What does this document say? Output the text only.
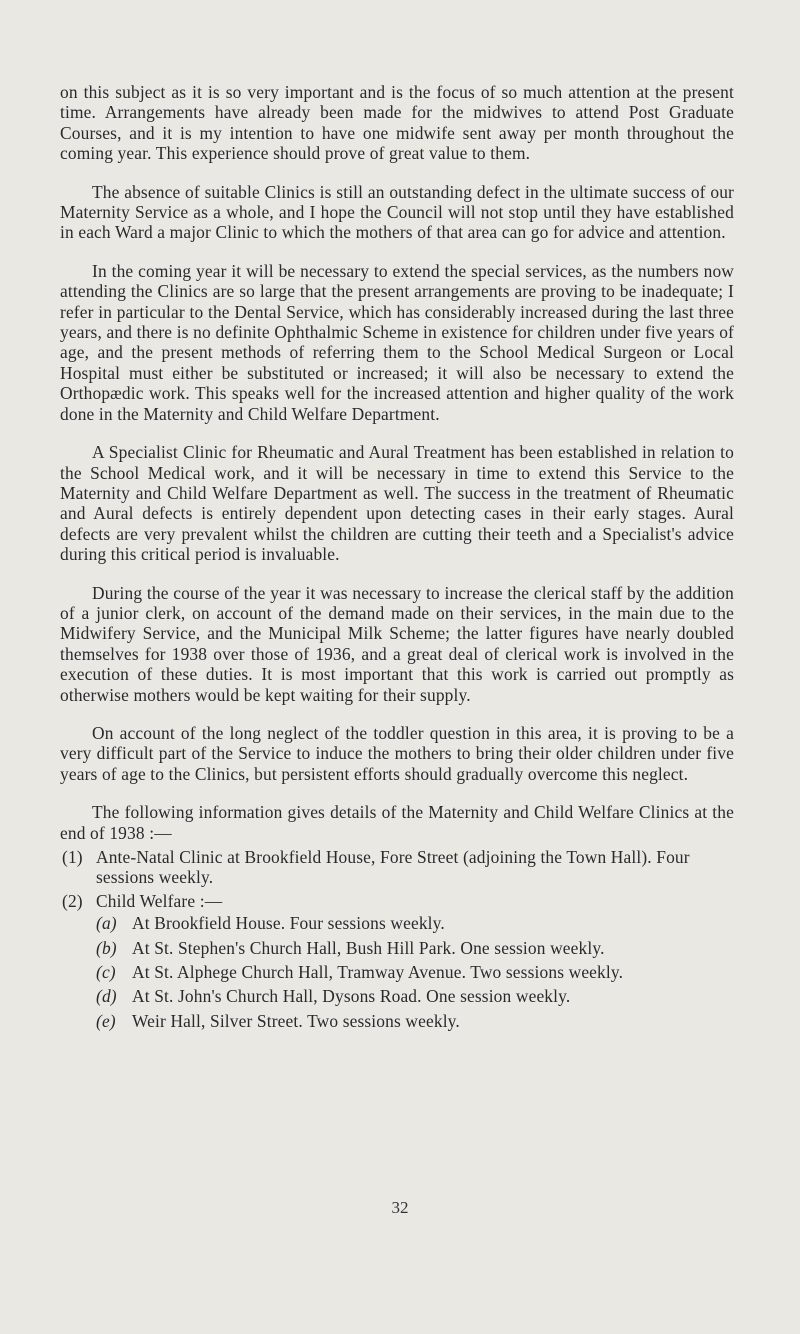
on this subject as it is so very important and is the focus of so much attention at the present time. Arrangements have already been made for the midwives to attend Post Graduate Courses, and it is my intention to have one midwife sent away per month throughout the coming year. This experience should prove of great value to them.

The absence of suitable Clinics is still an outstanding defect in the ultimate success of our Maternity Service as a whole, and I hope the Council will not stop until they have established in each Ward a major Clinic to which the mothers of that area can go for advice and attention.

In the coming year it will be necessary to extend the special services, as the numbers now attending the Clinics are so large that the present arrangements are proving to be inadequate; I refer in particular to the Dental Service, which has considerably increased during the last three years, and there is no definite Ophthalmic Scheme in existence for children under five years of age, and the present methods of referring them to the School Medical Surgeon or Local Hospital must either be substituted or increased; it will also be necessary to extend the Orthopædic work. This speaks well for the increased attention and higher quality of the work done in the Maternity and Child Welfare Department.

A Specialist Clinic for Rheumatic and Aural Treatment has been established in relation to the School Medical work, and it will be necessary in time to extend this Service to the Maternity and Child Welfare Department as well. The success in the treatment of Rheumatic and Aural defects is entirely dependent upon detecting cases in their early stages. Aural defects are very prevalent whilst the children are cutting their teeth and a Specialist's advice during this critical period is invaluable.

During the course of the year it was necessary to increase the clerical staff by the addition of a junior clerk, on account of the demand made on their services, in the main due to the Midwifery Service, and the Municipal Milk Scheme; the latter figures have nearly doubled themselves for 1938 over those of 1936, and a great deal of clerical work is involved in the execution of these duties. It is most important that this work is carried out promptly as otherwise mothers would be kept waiting for their supply.

On account of the long neglect of the toddler question in this area, it is proving to be a very difficult part of the Service to induce the mothers to bring their older children under five years of age to the Clinics, but persistent efforts should gradually overcome this neglect.

The following information gives details of the Maternity and Child Welfare Clinics at the end of 1938 :—

(1) Ante-Natal Clinic at Brookfield House, Fore Street (adjoining the Town Hall). Four sessions weekly.
(2) Child Welfare :—
(a) At Brookfield House. Four sessions weekly.
(b) At St. Stephen's Church Hall, Bush Hill Park. One session weekly.
(c) At St. Alphege Church Hall, Tramway Avenue. Two sessions weekly.
(d) At St. John's Church Hall, Dysons Road. One session weekly.
(e) Weir Hall, Silver Street. Two sessions weekly.
32
